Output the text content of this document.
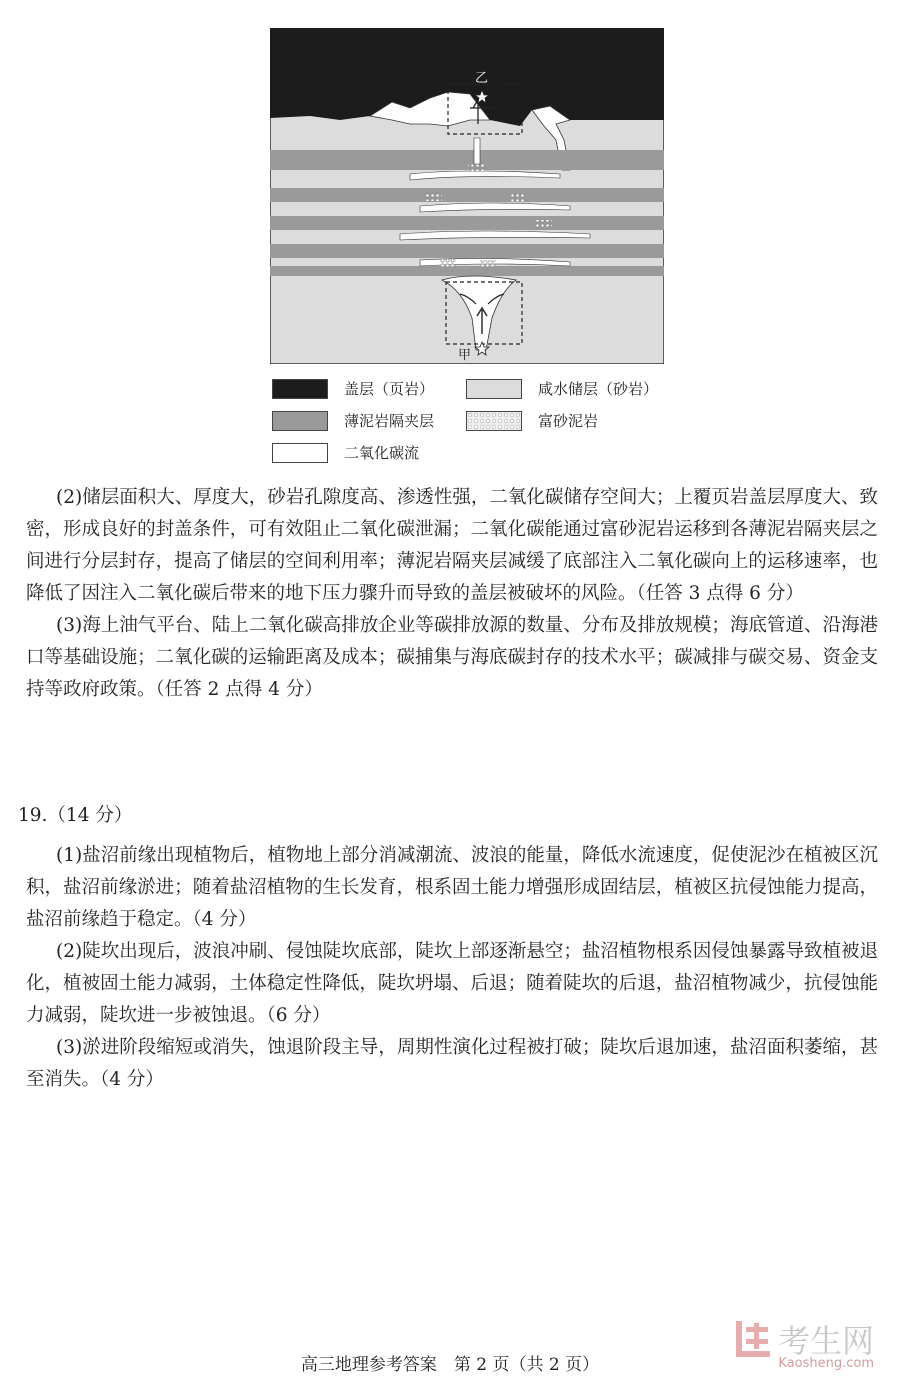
乙
甲
盖层（页岩）	咸水储层（砂岩）
薄泥岩隔夹层	富砂泥岩
二氧化碳流

(2)储层面积大、厚度大，砂岩孔隙度高、渗透性强，二氧化碳储存空间大；上覆页岩盖层厚度大、致密，形成良好的封盖条件，可有效阻止二氧化碳泄漏；二氧化碳能通过富砂泥岩运移到各薄泥岩隔夹层之间进行分层封存，提高了储层的空间利用率；薄泥岩隔夹层减缓了底部注入二氧化碳向上的运移速率，也降低了因注入二氧化碳后带来的地下压力骤升而导致的盖层被破坏的风险。（任答 3 点得 6 分）

(3)海上油气平台、陆上二氧化碳高排放企业等碳排放源的数量、分布及排放规模；海底管道、沿海港口等基础设施；二氧化碳的运输距离及成本；碳捕集与海底碳封存的技术水平；碳减排与碳交易、资金支持等政府政策。（任答 2 点得 4 分）

19.（14 分）

(1)盐沼前缘出现植物后，植物地上部分消减潮流、波浪的能量，降低水流速度，促使泥沙在植被区沉积，盐沼前缘淤进；随着盐沼植物的生长发育，根系固土能力增强形成固结层，植被区抗侵蚀能力提高，盐沼前缘趋于稳定。（4 分）

(2)陡坎出现后，波浪冲刷、侵蚀陡坎底部，陡坎上部逐渐悬空；盐沼植物根系因侵蚀暴露导致植被退化，植被固土能力减弱，土体稳定性降低，陡坎坍塌、后退；随着陡坎的后退，盐沼植物减少，抗侵蚀能力减弱，陡坎进一步被蚀退。（6 分）

(3)淤进阶段缩短或消失，蚀退阶段主导，周期性演化过程被打破；陡坎后退加速，盐沼面积萎缩，甚至消失。（4 分）

考生网
Kaosheng.com
高三地理参考答案　第 2 页（共 2 页）
